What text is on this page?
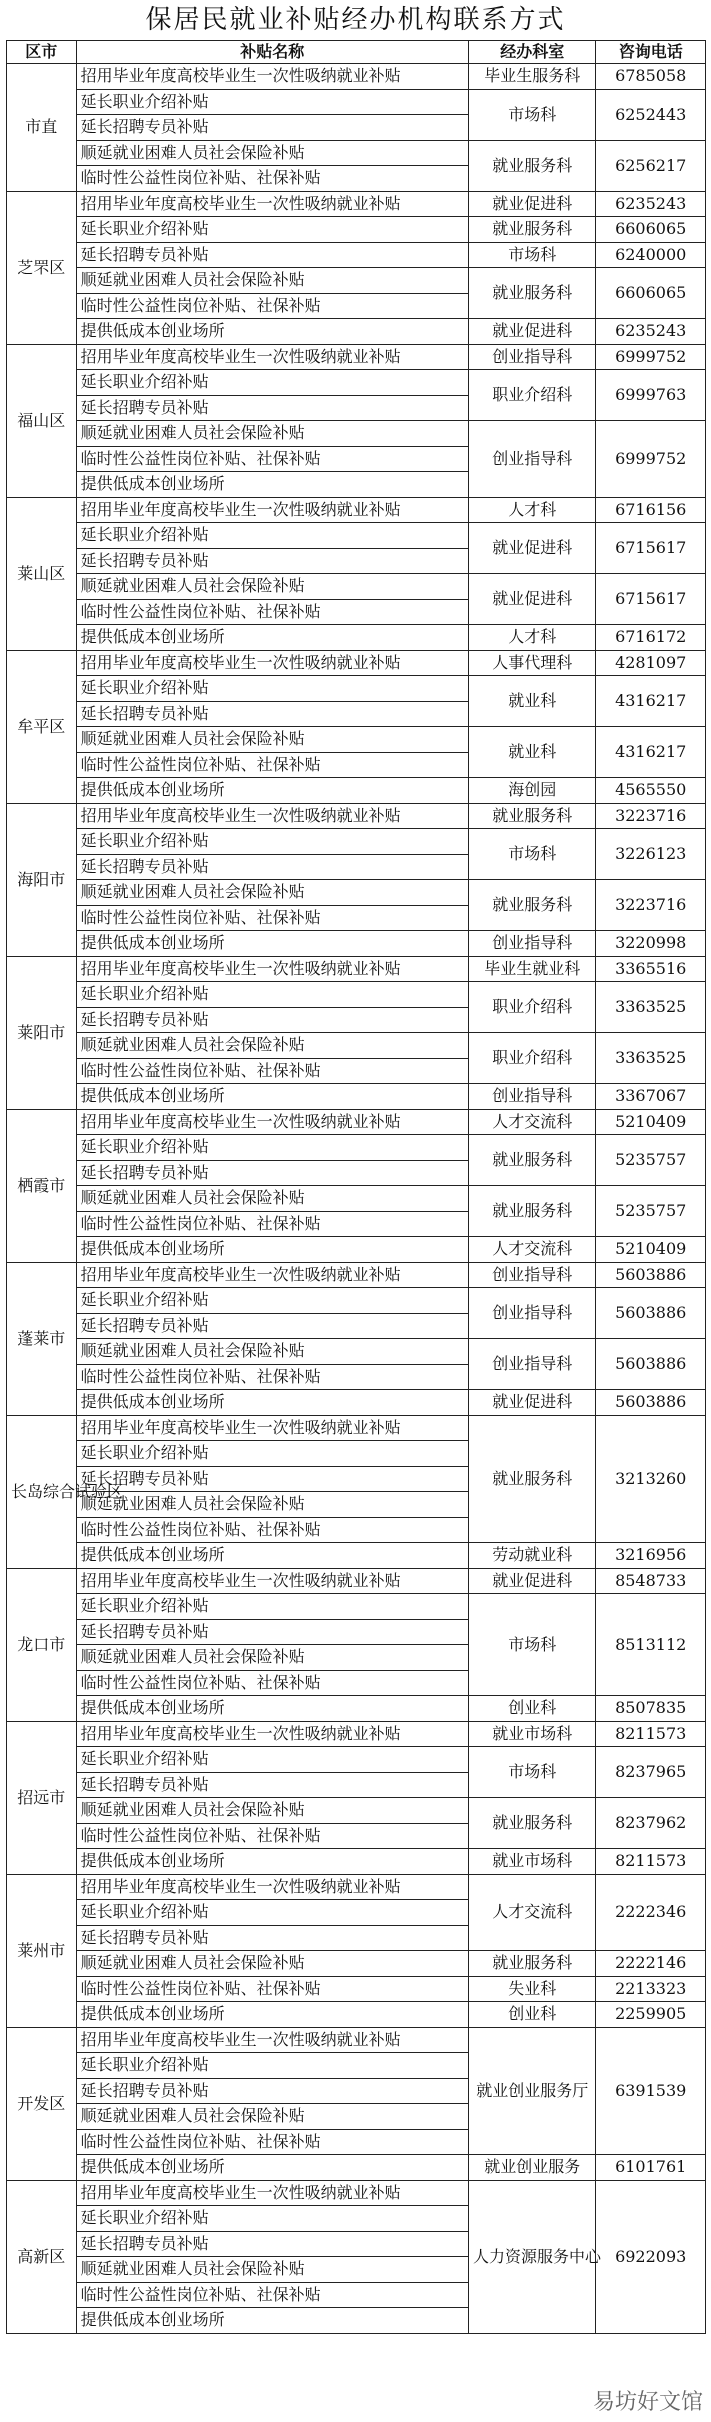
保居民就业补贴经办机构联系方式
区市	补贴名称	经办科室	咨询电话
市直	招用毕业年度高校毕业生一次性吸纳就业补贴	毕业生服务科	6785058
	延长职业介绍补贴	市场科	6252443
	延长招聘专员补贴		
	顺延就业困难人员社会保险补贴	就业服务科	6256217
	临时性公益性岗位补贴、社保补贴		
芝罘区	招用毕业年度高校毕业生一次性吸纳就业补贴	就业促进科	6235243
	延长职业介绍补贴	就业服务科	6606065
	延长招聘专员补贴	市场科	6240000
	顺延就业困难人员社会保险补贴	就业服务科	6606065
	临时性公益性岗位补贴、社保补贴		
	提供低成本创业场所	就业促进科	6235243
福山区	招用毕业年度高校毕业生一次性吸纳就业补贴	创业指导科	6999752
	延长职业介绍补贴	职业介绍科	6999763
	延长招聘专员补贴		
	顺延就业困难人员社会保险补贴	创业指导科	6999752
	临时性公益性岗位补贴、社保补贴		
	提供低成本创业场所		
莱山区	招用毕业年度高校毕业生一次性吸纳就业补贴	人才科	6716156
	延长职业介绍补贴	就业促进科	6715617
	延长招聘专员补贴		
	顺延就业困难人员社会保险补贴	就业促进科	6715617
	临时性公益性岗位补贴、社保补贴		
	提供低成本创业场所	人才科	6716172
牟平区	招用毕业年度高校毕业生一次性吸纳就业补贴	人事代理科	4281097
	延长职业介绍补贴	就业科	4316217
	延长招聘专员补贴		
	顺延就业困难人员社会保险补贴	就业科	4316217
	临时性公益性岗位补贴、社保补贴		
	提供低成本创业场所	海创园	4565550
海阳市	招用毕业年度高校毕业生一次性吸纳就业补贴	就业服务科	3223716
	延长职业介绍补贴	市场科	3226123
	延长招聘专员补贴		
	顺延就业困难人员社会保险补贴	就业服务科	3223716
	临时性公益性岗位补贴、社保补贴		
	提供低成本创业场所	创业指导科	3220998
莱阳市	招用毕业年度高校毕业生一次性吸纳就业补贴	毕业生就业科	3365516
	延长职业介绍补贴	职业介绍科	3363525
	延长招聘专员补贴		
	顺延就业困难人员社会保险补贴	职业介绍科	3363525
	临时性公益性岗位补贴、社保补贴		
	提供低成本创业场所	创业指导科	3367067
栖霞市	招用毕业年度高校毕业生一次性吸纳就业补贴	人才交流科	5210409
	延长职业介绍补贴	就业服务科	5235757
	延长招聘专员补贴		
	顺延就业困难人员社会保险补贴	就业服务科	5235757
	临时性公益性岗位补贴、社保补贴		
	提供低成本创业场所	人才交流科	5210409
蓬莱市	招用毕业年度高校毕业生一次性吸纳就业补贴	创业指导科	5603886
	延长职业介绍补贴	创业指导科	5603886
	延长招聘专员补贴		
	顺延就业困难人员社会保险补贴	创业指导科	5603886
	临时性公益性岗位补贴、社保补贴		
	提供低成本创业场所	就业促进科	5603886
长岛综合试验区	招用毕业年度高校毕业生一次性吸纳就业补贴	就业服务科	3213260
	延长职业介绍补贴		
	延长招聘专员补贴		
	顺延就业困难人员社会保险补贴		
	临时性公益性岗位补贴、社保补贴		
	提供低成本创业场所	劳动就业科	3216956
龙口市	招用毕业年度高校毕业生一次性吸纳就业补贴	就业促进科	8548733
	延长职业介绍补贴	市场科	8513112
	延长招聘专员补贴		
	顺延就业困难人员社会保险补贴		
	临时性公益性岗位补贴、社保补贴		
	提供低成本创业场所	创业科	8507835
招远市	招用毕业年度高校毕业生一次性吸纳就业补贴	就业市场科	8211573
	延长职业介绍补贴	市场科	8237965
	延长招聘专员补贴		
	顺延就业困难人员社会保险补贴	就业服务科	8237962
	临时性公益性岗位补贴、社保补贴		
	提供低成本创业场所	就业市场科	8211573
莱州市	招用毕业年度高校毕业生一次性吸纳就业补贴	人才交流科	2222346
	延长职业介绍补贴		
	延长招聘专员补贴		
	顺延就业困难人员社会保险补贴	就业服务科	2222146
	临时性公益性岗位补贴、社保补贴	失业科	2213323
	提供低成本创业场所	创业科	2259905
开发区	招用毕业年度高校毕业生一次性吸纳就业补贴	就业创业服务厅	6391539
	延长职业介绍补贴		
	延长招聘专员补贴		
	顺延就业困难人员社会保险补贴		
	临时性公益性岗位补贴、社保补贴		
	提供低成本创业场所	就业创业服务	6101761
高新区	招用毕业年度高校毕业生一次性吸纳就业补贴	人力资源服务中心	6922093
	延长职业介绍补贴		
	延长招聘专员补贴		
	顺延就业困难人员社会保险补贴		
	临时性公益性岗位补贴、社保补贴		
	提供低成本创业场所		
易坊好文馆
